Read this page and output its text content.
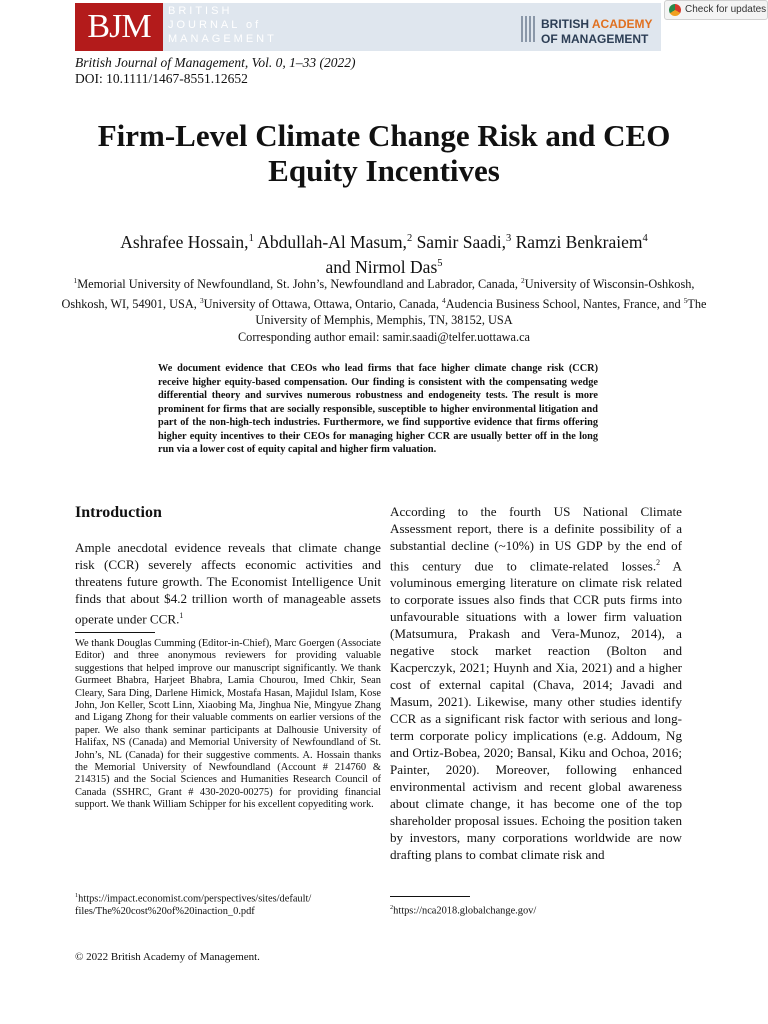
BJM	BRITISH
JOURNAL of
MANAGEMENT
BRITISH ACADEMY
OF MANAGEMENT
Check for updates
British Journal of Management, Vol. 0, 1–33 (2022)
DOI: 10.1111/1467-8551.12652
Firm-Level Climate Change Risk and CEO Equity Incentives
Ashrafee Hossain,$^1$ Abdullah-Al Masum,$^2$ Samir Saadi,$^3$ Ramzi Benkraiem$^4$
and Nirmol Das$^5$
$^1$Memorial University of Newfoundland, St. John’s, Newfoundland and Labrador, Canada, $^2$University of Wisconsin-Oshkosh, Oshkosh, WI, 54901, USA, $^3$University of Ottawa, Ottawa, Ontario, Canada, $^4$Audencia Business School, Nantes, France, and $^5$The University of Memphis, Memphis, TN, 38152, USA
Corresponding author email: samir.saadi@telfer.uottawa.ca
We document evidence that CEOs who lead firms that face higher climate change risk (CCR) receive higher equity-based compensation. Our finding is consistent with the compensating wedge differential theory and survives numerous robustness and endogeneity tests. The result is more prominent for firms that are socially responsible, susceptible to higher environmental litigation and part of the non-high-tech industries. Furthermore, we find supportive evidence that firms offering higher equity incentives to their CEOs for managing higher CCR are usually better off in the long run via a lower cost of equity capital and higher firm valuation.
Introduction
Ample anecdotal evidence reveals that climate change risk (CCR) severely affects economic activities and threatens future growth. The Economist Intelligence Unit finds that about $4.2 trillion worth of manageable assets operate under CCR.$^1$
We thank Douglas Cumming (Editor-in-Chief), Marc Goergen (Associate Editor) and three anonymous reviewers for providing valuable suggestions that helped improve our manuscript significantly. We thank Gurmeet Bhabra, Harjeet Bhabra, Lamia Chourou, Imed Chkir, Sean Cleary, Sara Ding, Darlene Himick, Mostafa Hasan, Majidul Islam, Kose John, Jon Keller, Scott Linn, Xiaobing Ma, Jinghua Nie, Mingyue Zhang and Ligang Zhong for their valuable comments on earlier versions of the paper. We also thank seminar participants at Dalhousie University of Halifax, NS (Canada) and Memorial University of Newfoundland of St. John’s, NL (Canada) for their suggestive comments. A. Hossain thanks the Memorial University of Newfoundland (Account # 214760 & 214315) and the Social Sciences and Humanities Research Council of Canada (SSHRC, Grant # 430-2020-00275) for providing financial support. We thank William Schipper for his excellent copyediting work.
$^1$https://impact.economist.com/perspectives/sites/default/
files/The%20cost%20of%20inaction_0.pdf
© 2022 British Academy of Management.
According to the fourth US National Climate Assessment report, there is a definite possibility of a substantial decline (~10%) in US GDP by the end of this century due to climate-related losses.$^2$ A voluminous emerging literature on climate risk related to corporate issues also finds that CCR puts firms into unfavourable situations with a lower firm valuation (Matsumura, Prakash and Vera-Munoz, 2014), a negative stock market reaction (Bolton and Kacperczyk, 2021; Huynh and Xia, 2021) and a higher cost of external capital (Chava, 2014; Javadi and Masum, 2021). Likewise, many other studies identify CCR as a significant risk factor with serious and long-term corporate policy implications (e.g. Addoum, Ng and Ortiz-Bobea, 2020; Bansal, Kiku and Ochoa, 2016; Painter, 2020). Moreover, following enhanced environmental activism and recent global awareness about climate change, it has become one of the top shareholder proposal issues. Echoing the position taken by investors, many corporations worldwide are now drafting plans to combat climate risk and
$^2$https://nca2018.globalchange.gov/
